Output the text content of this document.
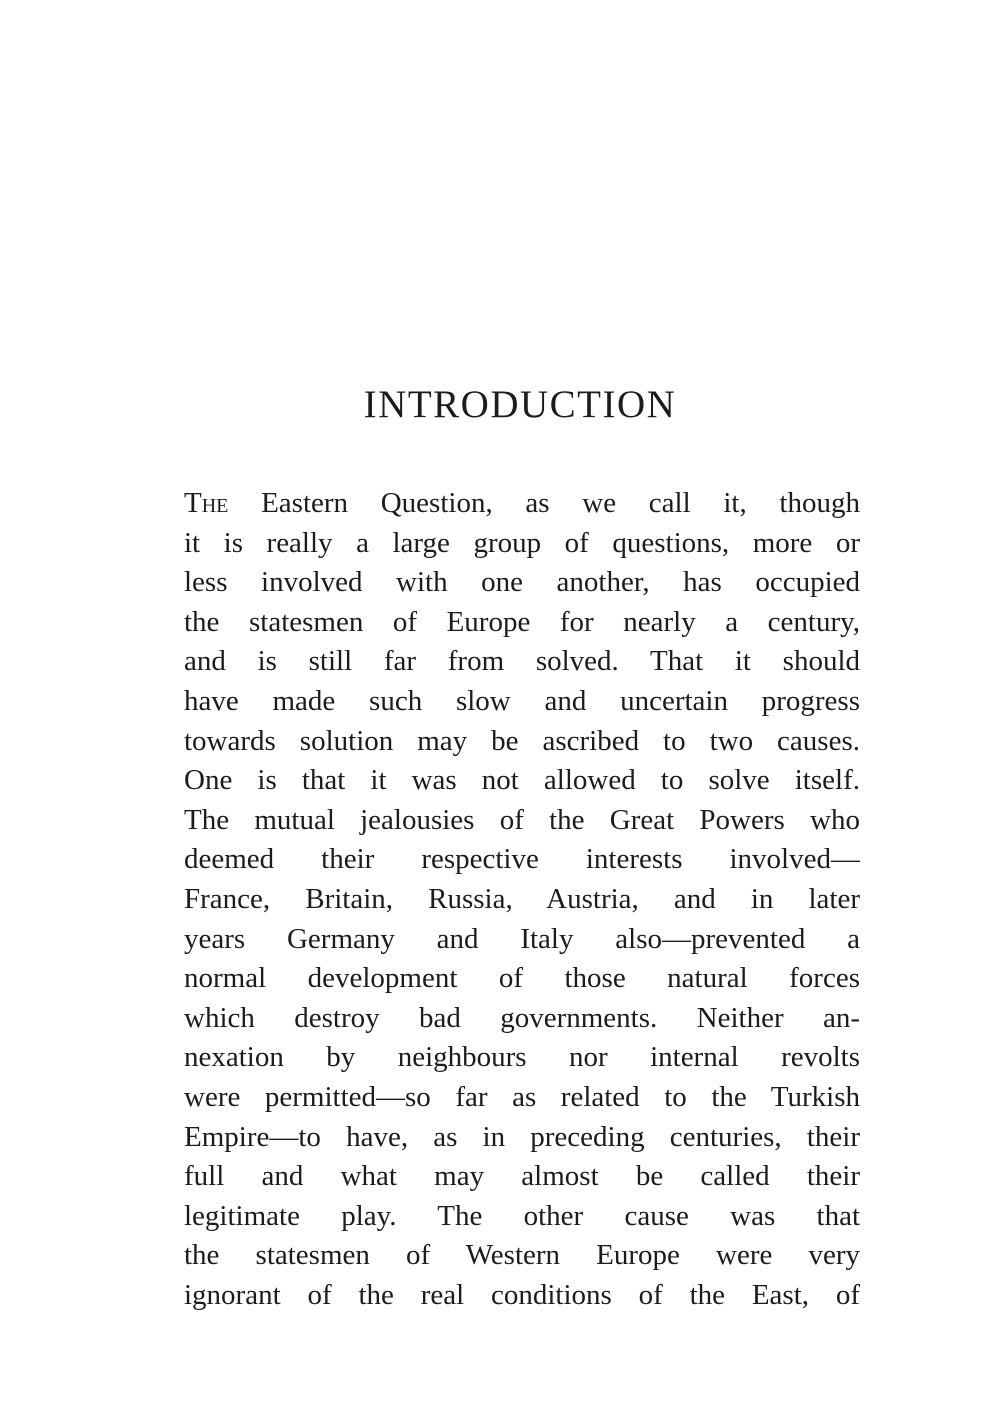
INTRODUCTION
The Eastern Question, as we call it, though
it is really a large group of questions, more or
less involved with one another, has occupied
the statesmen of Europe for nearly a century,
and is still far from solved. That it should
have made such slow and uncertain progress
towards solution may be ascribed to two causes.
One is that it was not allowed to solve itself.
The mutual jealousies of the Great Powers who
deemed their respective interests involved—
France, Britain, Russia, Austria, and in later
years Germany and Italy also—prevented a
normal development of those natural forces
which destroy bad governments. Neither an-
nexation by neighbours nor internal revolts
were permitted—so far as related to the Turkish
Empire—to have, as in preceding centuries, their
full and what may almost be called their
legitimate play. The other cause was that
the statesmen of Western Europe were very
ignorant of the real conditions of the East, of
